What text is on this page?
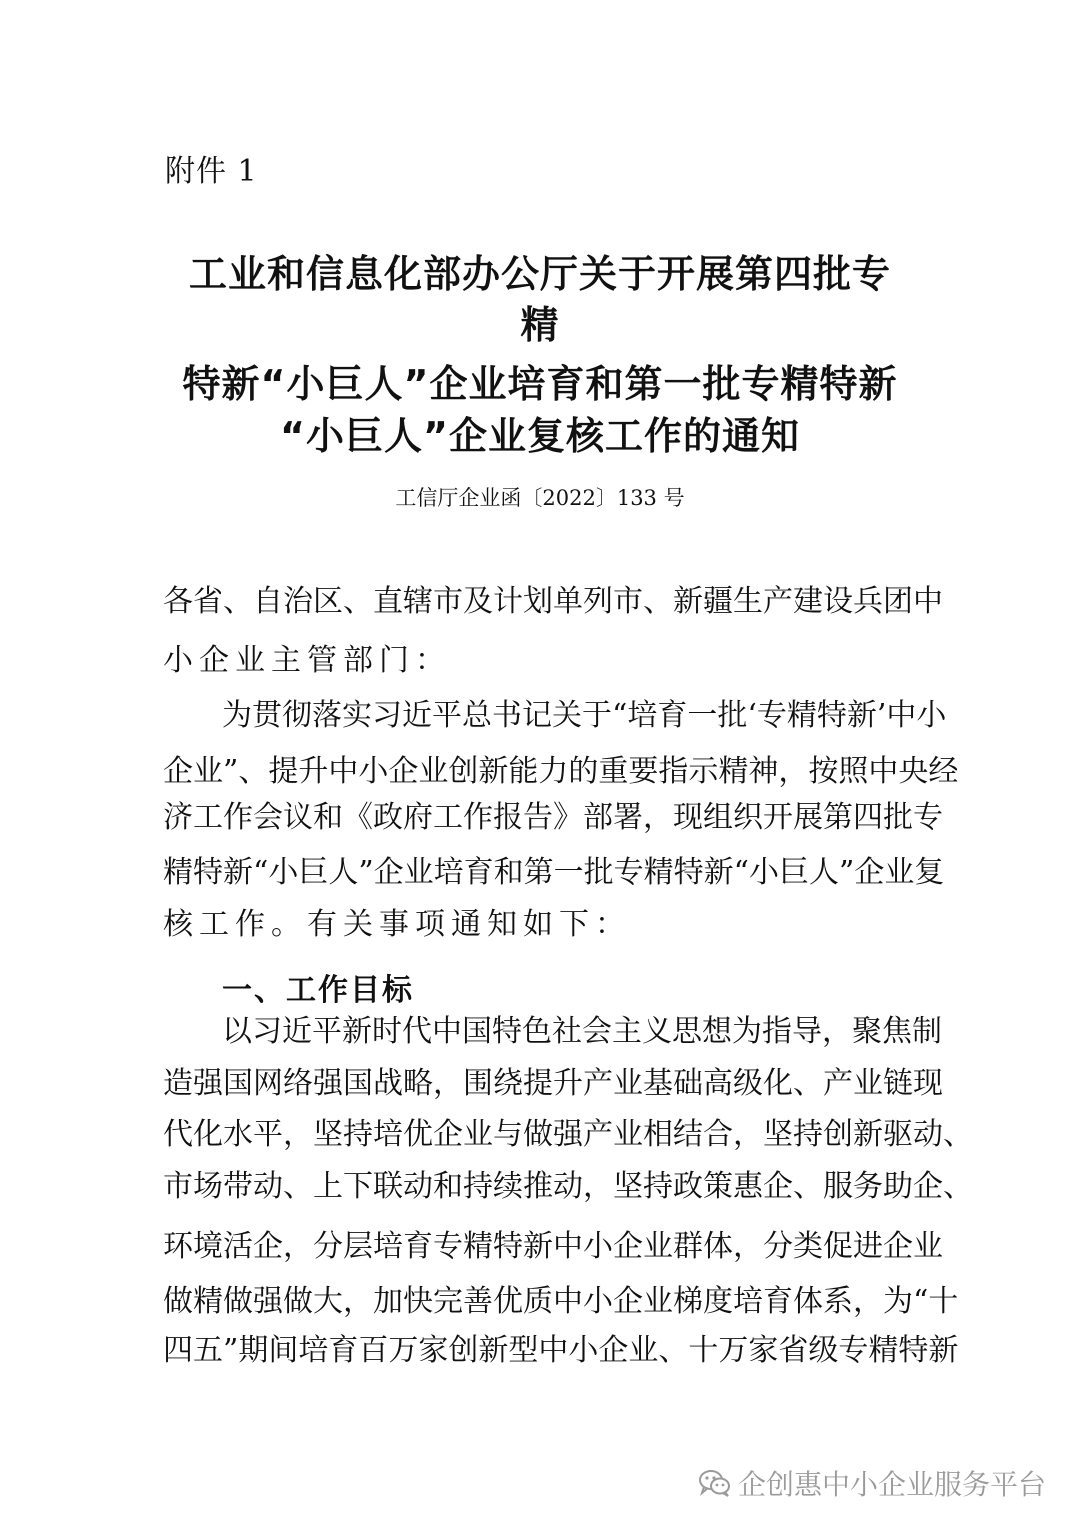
附件 1
工业和信息化部办公厅关于开展第四批专
精
特新“小巨人”企业培育和第一批专精特新
“小巨人”企业复核工作的通知
工信厅企业函〔2022〕133 号
各省、自治区、直辖市及计划单列市、新疆生产建设兵团中
小企业主管部门：
为贯彻落实习近平总书记关于“培育一批‘专精特新’中小
企业”、提升中小企业创新能力的重要指示精神，按照中央经
济工作会议和《政府工作报告》部署，现组织开展第四批专
精特新“小巨人”企业培育和第一批专精特新“小巨人”企业复
核工作。有关事项通知如下：
一、工作目标
以习近平新时代中国特色社会主义思想为指导，聚焦制
造强国网络强国战略，围绕提升产业基础高级化、产业链现
代化水平，坚持培优企业与做强产业相结合，坚持创新驱动、
市场带动、上下联动和持续推动，坚持政策惠企、服务助企、
环境活企，分层培育专精特新中小企业群体，分类促进企业
做精做强做大，加快完善优质中小企业梯度培育体系，为“十
四五”期间培育百万家创新型中小企业、十万家省级专精特新
企创惠中小企业服务平台
